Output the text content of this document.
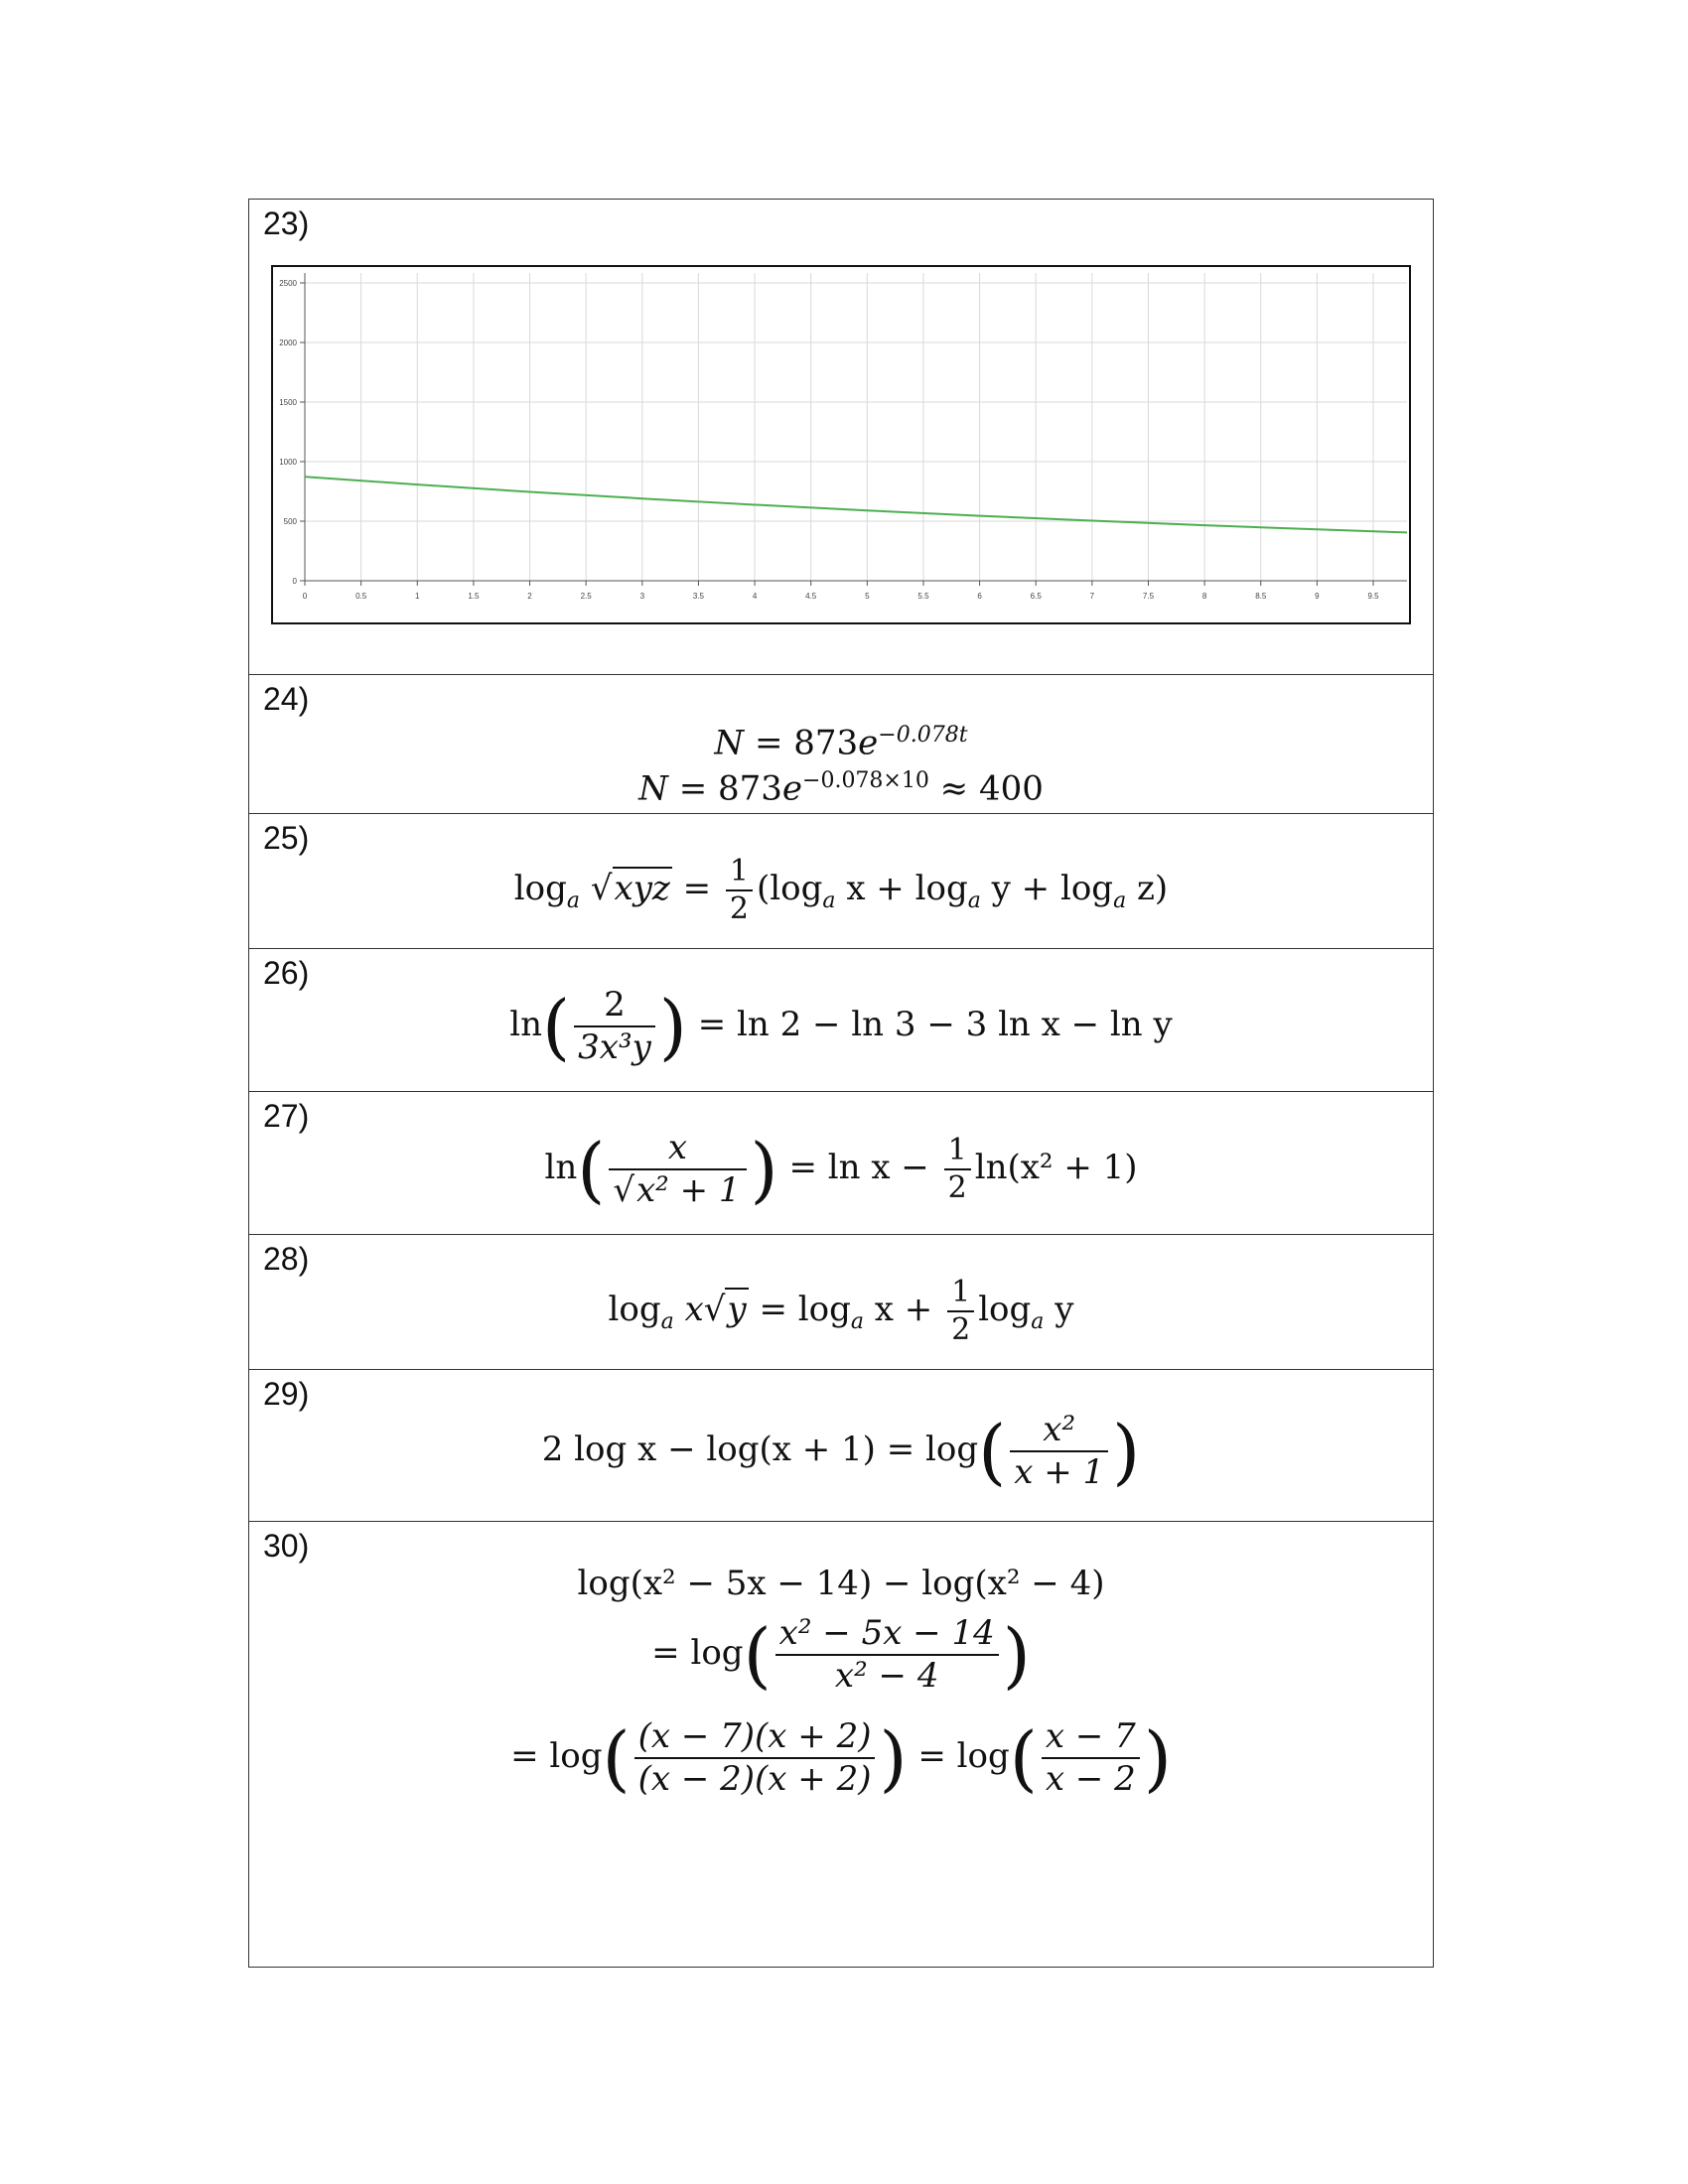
23)
0	0.5	1	1.5	2	2.5	3	3.5	4	4.5	5	5.5	6	6.5	7	7.5	8	8.5	9	9.5
0
500
1000
1500
2000
2500
24)
$N = 873e^{-0.078t}$
$N = 873e^{-0.078\times 10} \approx 400$
25)
$\log_a √xyz = \frac{1}{2} (\log_a$ $x + \log_a y + \log_a z$)
26)
$\ln( \frac{2}{\text{3x³y}}$ ) = ln 2 − ln 3 − 3 ln x − ln y
27)
$\ln( \frac{x}{\text{√x² + 1}}$ ) = $\ln x - \frac{1}{2} \ln(x^2 + 1)$
28)
$\log_a x√y = \log_a x + \frac{1}{2} \log_a y$
29)
2 $\log x - \log(x + 1) = \log( \frac{\text{x²}}{x + 1}$ )
30)
log(x² − 5x − 14) − log(x² − 4)
= $\log( \frac{\text{x² − 5x − 14}}{\text{x² − 4}}$ )
= $\log( \frac{(x - 7)(x + 2)}{(x - 2)(x + 2)}$ ) = $\log( \frac{x - 7}{x - 2}$ )
